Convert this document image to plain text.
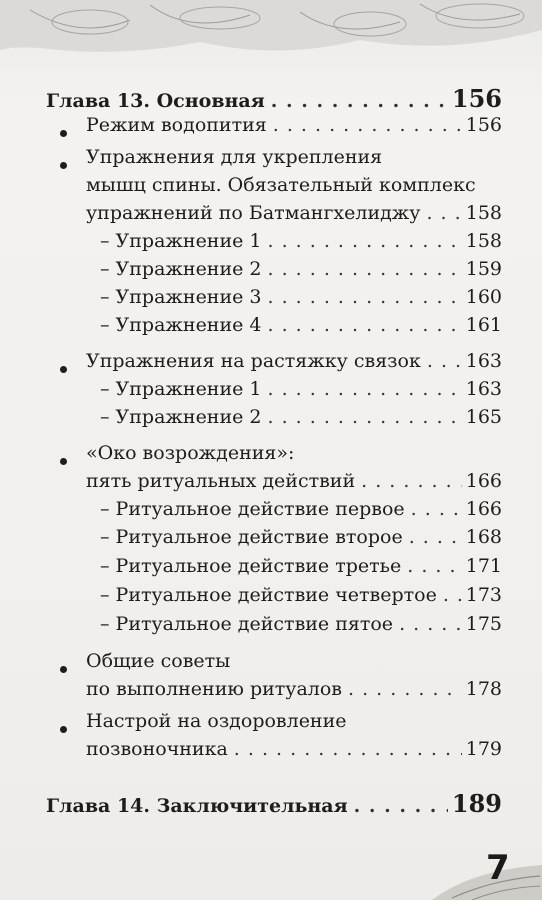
Глава 13. Основная . . .	156
Режим водопития . . .	156
Упражнения для укрепления
мышц спины. Обязательный комплекс
упражнений по Батмангхелиджу . . . 158
– Упражнение 1 . . .	158
– Упражнение 2 . . .	159
– Упражнение 3 . . .	160
– Упражнение 4 . . .	161
Упражнения на растяжку связок . . . 163
– Упражнение 1 . . .	163
– Упражнение 2 . . .	165
«Око возрождения»:
пять ритуальных действий . . .	166
– Ритуальное действие первое . . .	166
– Ритуальное действие второе . . .	168
– Ритуальное действие третье . . .	171
– Ритуальное действие четвертое . . . 173
– Ритуальное действие пятое . . .	175
Общие советы
по выполнению ритуалов . . .	178
Настрой на оздоровление
позвоночника . . .	179
Глава 14. Заключительная . . .	189
7
